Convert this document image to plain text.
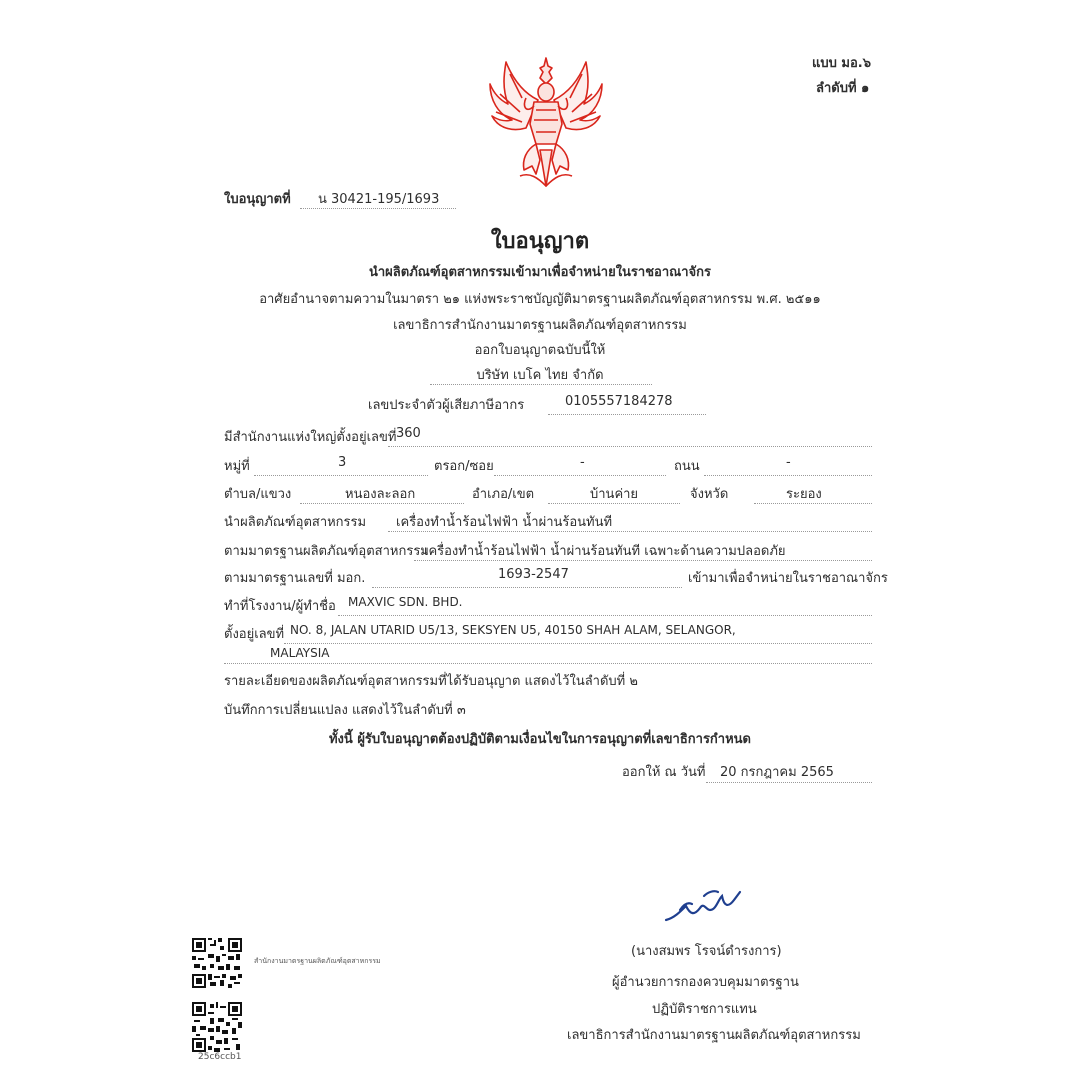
แบบ มอ.๖
ลำดับที่ ๑
ใบอนุญาตที่ น 30421-195/1693
ใบอนุญาต
นำผลิตภัณฑ์อุตสาหกรรมเข้ามาเพื่อจำหน่ายในราชอาณาจักร
อาศัยอำนาจตามความในมาตรา ๒๑ แห่งพระราชบัญญัติมาตรฐานผลิตภัณฑ์อุตสาหกรรม พ.ศ. ๒๕๑๑
เลขาธิการสำนักงานมาตรฐานผลิตภัณฑ์อุตสาหกรรม
ออกใบอนุญาตฉบับนี้ให้
บริษัท เบโค ไทย จำกัด
เลขประจำตัวผู้เสียภาษีอากร	0105557184278
มีสำนักงานแห่งใหญ่ตั้งอยู่เลขที่ 360
หมู่ที่	3	ตรอก/ซอย	-	ถนน	-
ตำบล/แขวง	หนองละลอก	อำเภอ/เขต	บ้านค่าย	จังหวัด	ระยอง
นำผลิตภัณฑ์อุตสาหกรรม เครื่องทำน้ำร้อนไฟฟ้า น้ำผ่านร้อนทันที
ตามมาตรฐานผลิตภัณฑ์อุตสาหกรรม
เครื่องทำน้ำร้อนไฟฟ้า น้ำผ่านร้อนทันที เฉพาะด้านความปลอดภัย
ตามมาตรฐานเลขที่ มอก.	1693-2547	เข้ามาเพื่อจำหน่ายในราชอาณาจักร
ทำที่โรงงาน/ผู้ทำชื่อ MAXVIC SDN. BHD.
ตั้งอยู่เลขที่ NO. 8, JALAN UTARID U5/13, SEKSYEN U5, 40150 SHAH ALAM, SELANGOR,
MALAYSIA
รายละเอียดของผลิตภัณฑ์อุตสาหกรรมที่ได้รับอนุญาต แสดงไว้ในลำดับที่ ๒
บันทึกการเปลี่ยนแปลง แสดงไว้ในลำดับที่ ๓
ทั้งนี้ ผู้รับใบอนุญาตต้องปฏิบัติตามเงื่อนไขในการอนุญาตที่เลขาธิการกำหนด
ออกให้ ณ วันที่ 20 กรกฎาคม 2565
(นางสมพร โรจน์ดำรงการ)
ผู้อำนวยการกองควบคุมมาตรฐาน
ปฏิบัติราชการแทน
เลขาธิการสำนักงานมาตรฐานผลิตภัณฑ์อุตสาหกรรม
สำนักงานมาตรฐานผลิตภัณฑ์อุตสาหกรรม
25c6ccb1
